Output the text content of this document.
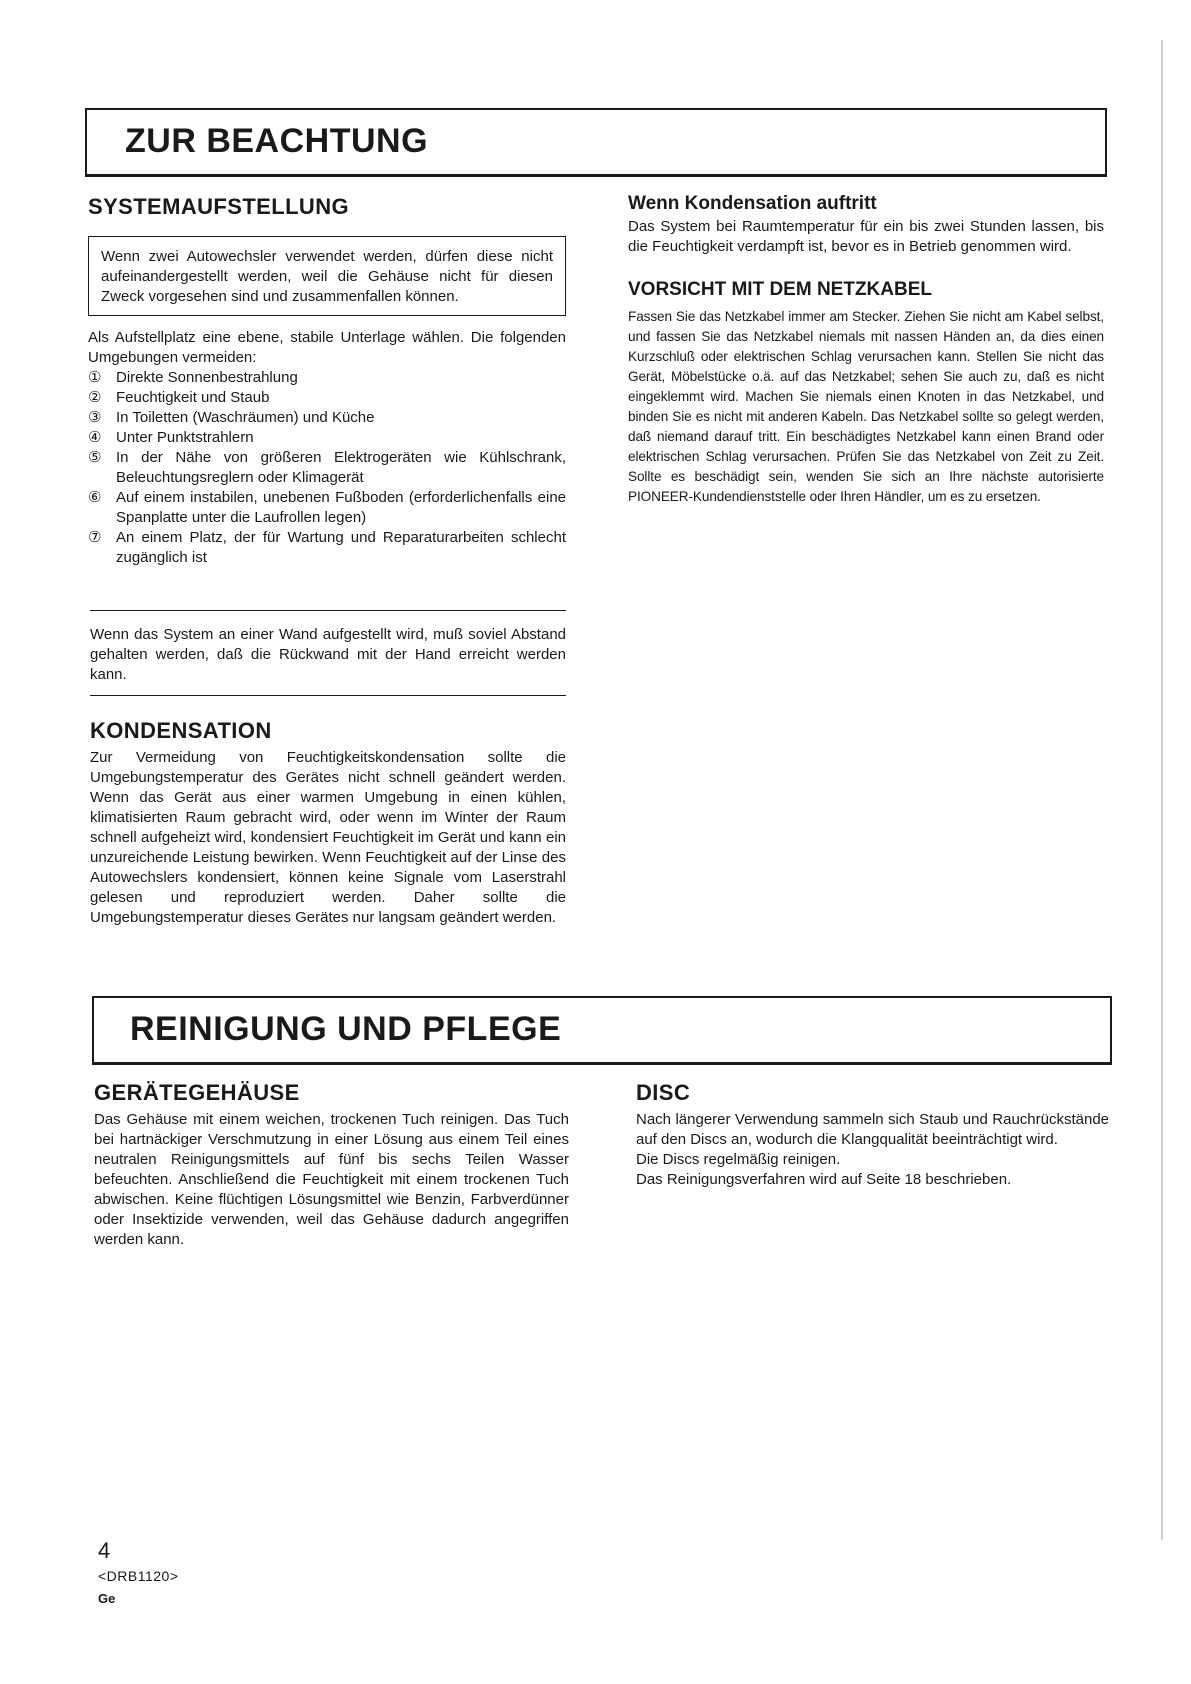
ZUR BEACHTUNG
SYSTEMAUFSTELLUNG

Wenn zwei Autowechsler verwendet werden, dürfen diese nicht aufeinandergestellt werden, weil die Gehäuse nicht für diesen Zweck vorgesehen sind und zusammenfallen können.

Als Aufstellplatz eine ebene, stabile Unterlage wählen. Die folgenden Umgebungen vermeiden:

① Direkte Sonnenbestrahlung
② Feuchtigkeit und Staub
③ In Toiletten (Waschräumen) und Küche
④ Unter Punktstrahlern
⑤ In der Nähe von größeren Elektrogeräten wie Kühlschrank, Beleuchtungsreglern oder Klimagerät
⑥ Auf einem instabilen, unebenen Fußboden (erforderlichenfalls eine Spanplatte unter die Laufrollen legen)
⑦ An einem Platz, der für Wartung und Reparaturarbeiten schlecht zugänglich ist

Wenn das System an einer Wand aufgestellt wird, muß soviel Abstand gehalten werden, daß die Rückwand mit der Hand erreicht werden kann.

KONDENSATION

Zur Vermeidung von Feuchtigkeitskondensation sollte die Umgebungstemperatur des Gerätes nicht schnell geändert werden. Wenn das Gerät aus einer warmen Umgebung in einen kühlen, klimatisierten Raum gebracht wird, oder wenn im Winter der Raum schnell aufgeheizt wird, kondensiert Feuchtigkeit im Gerät und kann ein unzureichende Leistung bewirken. Wenn Feuchtigkeit auf der Linse des Autowechslers kondensiert, können keine Signale vom Laserstrahl gelesen und reproduziert werden. Daher sollte die Umgebungstemperatur dieses Gerätes nur langsam geändert werden.

Wenn Kondensation auftritt

Das System bei Raumtemperatur für ein bis zwei Stunden lassen, bis die Feuchtigkeit verdampft ist, bevor es in Betrieb genommen wird.

VORSICHT MIT DEM NETZKABEL

Fassen Sie das Netzkabel immer am Stecker. Ziehen Sie nicht am Kabel selbst, und fassen Sie das Netzkabel niemals mit nassen Händen an, da dies einen Kurzschluß oder elektrischen Schlag verursachen kann. Stellen Sie nicht das Gerät, Möbelstücke o.ä. auf das Netzkabel; sehen Sie auch zu, daß es nicht eingeklemmt wird. Machen Sie niemals einen Knoten in das Netzkabel, und binden Sie es nicht mit anderen Kabeln. Das Netzkabel sollte so gelegt werden, daß niemand darauf tritt. Ein beschädigtes Netzkabel kann einen Brand oder elektrischen Schlag verursachen. Prüfen Sie das Netzkabel von Zeit zu Zeit. Sollte es beschädigt sein, wenden Sie sich an Ihre nächste autorisierte PIONEER-Kundendienststelle oder Ihren Händler, um es zu ersetzen.

REINIGUNG UND PFLEGE
GERÄTEGEHÄUSE

Das Gehäuse mit einem weichen, trockenen Tuch reinigen. Das Tuch bei hartnäckiger Verschmutzung in einer Lösung aus einem Teil eines neutralen Reinigungsmittels auf fünf bis sechs Teilen Wasser befeuchten. Anschließend die Feuchtigkeit mit einem trockenen Tuch abwischen. Keine flüchtigen Lösungsmittel wie Benzin, Farbverdünner oder Insektizide verwenden, weil das Gehäuse dadurch angegriffen werden kann.

DISC

Nach längerer Verwendung sammeln sich Staub und Rauchrückstände auf den Discs an, wodurch die Klangqualität beeinträchtigt wird.

Die Discs regelmäßig reinigen.

Das Reinigungsverfahren wird auf Seite 18 beschrieben.

4
<DRB1120>
Ge
